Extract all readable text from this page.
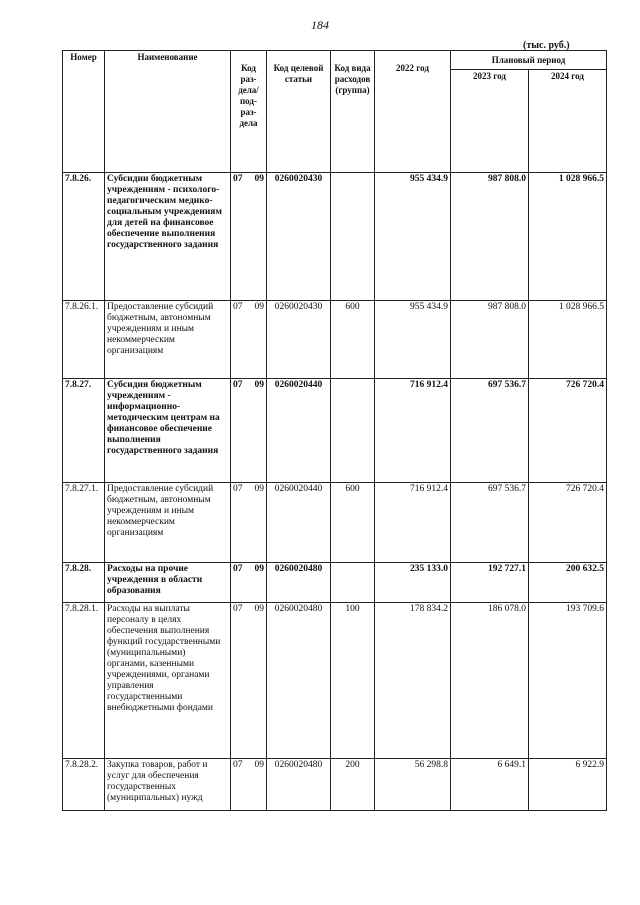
184
(тыс. руб.)
Номер	Наименование	Код раз-дела/ под-раз-дела		Код целевой статьи	Код вида расходов (группа)	2022 год	Плановый период	
							2023 год	2024 год
7.8.26.	Субсидии бюджетным учреждениям - психолого-педагогическим медико-социальным учреждениям для детей на финансовое обеспечение выполнения государственного задания	07	09	0260020430		955 434.9	987 808.0	1 028 966.5
7.8.26.1.	Предоставление субсидий бюджетным, автономным учреждениям и иным некоммерческим организациям	07	09	0260020430	600	955 434.9	987 808.0	1 028 966.5
7.8.27.	Субсидия бюджетным учреждениям - информационно-методическим центрам на финансовое обеспечение выполнения государственного задания	07	09	0260020440		716 912.4	697 536.7	726 720.4
7.8.27.1.	Предоставление субсидий бюджетным, автономным учреждениям и иным некоммерческим организациям	07	09	0260020440	600	716 912.4	697 536.7	726 720.4
7.8.28.	Расходы на прочие учреждения в области образования	07	09	0260020480		235 133.0	192 727.1	200 632.5
7.8.28.1.	Расходы на выплаты персоналу в целях обеспечения выполнения функций государственными (муниципальными) органами, казенными учреждениями, органами управления государственными внебюджетными фондами	07	09	0260020480	100	178 834.2	186 078.0	193 709.6
7.8.28.2.	Закупка товаров, работ и услуг для обеспечения государственных (муниципальных) нужд	07	09	0260020480	200	56 298.8	6 649.1	6 922.9
